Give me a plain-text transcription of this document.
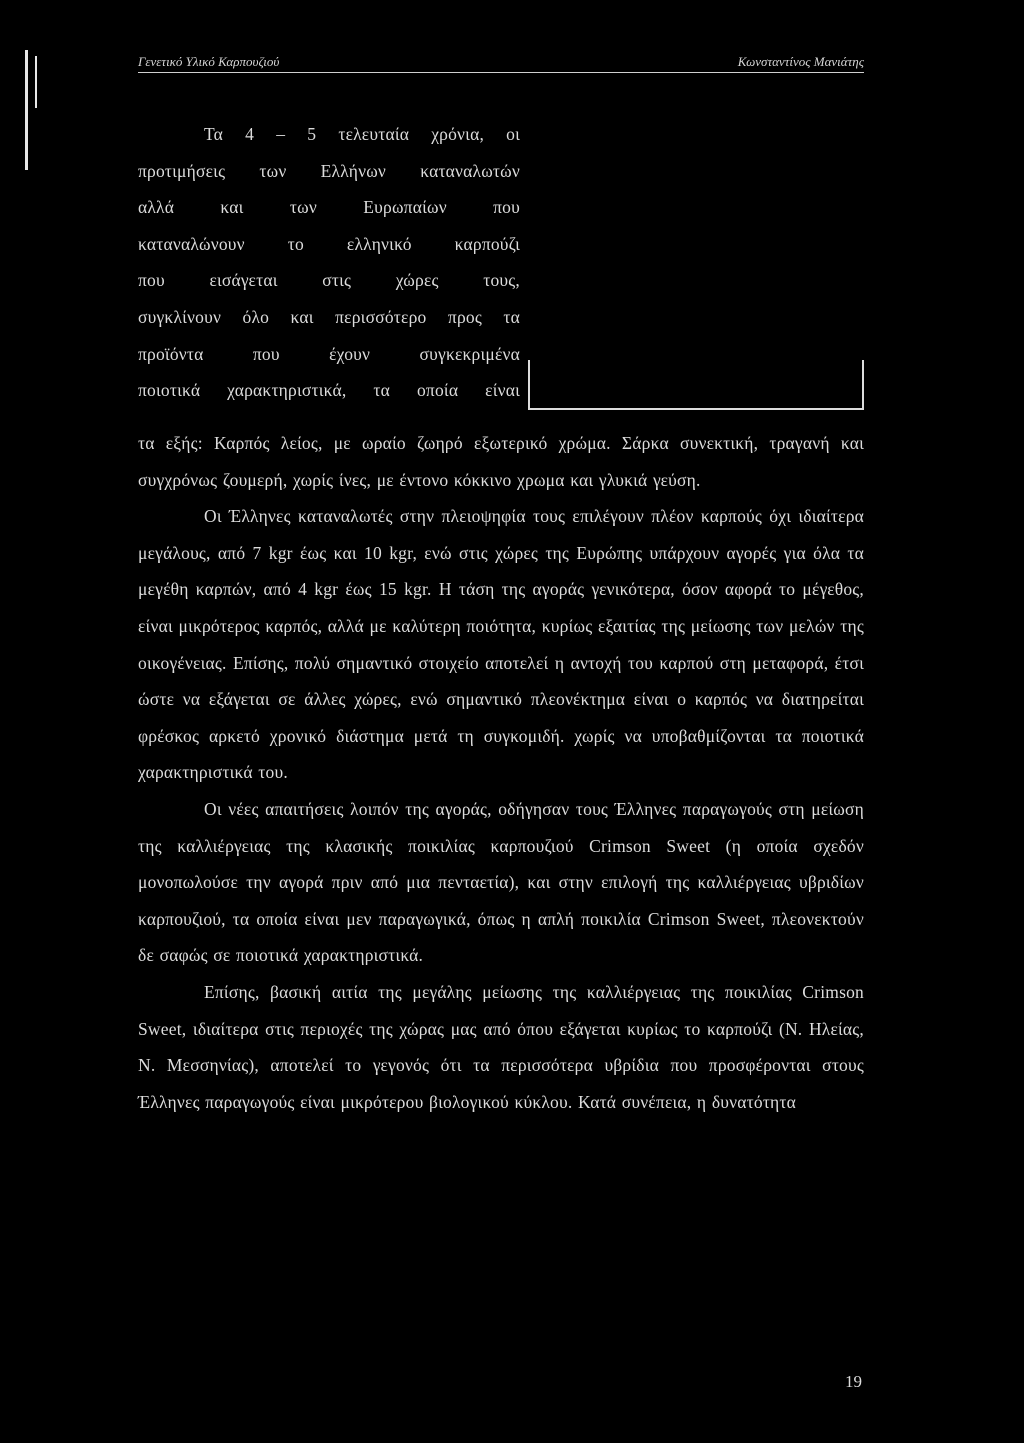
Γενετικό Υλικό Καρπουζιού	Κωνσταντίνος Μανιάτης

Τα 4 – 5 τελευταία χρόνια, οι

προτιμήσεις των Ελλήνων καταναλωτών

αλλά και των Ευρωπαίων που

καταναλώνουν το ελληνικό καρπούζι

που εισάγεται στις χώρες τους,

συγκλίνουν όλο και περισσότερο προς τα

προϊόντα που έχουν συγκεκριμένα

ποιοτικά χαρακτηριστικά, τα οποία είναι

τα εξής: Καρπός λείος, με ωραίο ζωηρό εξωτερικό χρώμα. Σάρκα συνεκτική, τραγανή και συγχρόνως ζουμερή, χωρίς ίνες, με έντονο κόκκινο χρωμα και γλυκιά γεύση.

Οι Έλληνες καταναλωτές στην πλειοψηφία τους επιλέγουν πλέον καρπούς όχι ιδιαίτερα μεγάλους, από 7 kgr έως και 10 kgr, ενώ στις χώρες της Ευρώπης υπάρχουν αγορές για όλα τα μεγέθη καρπών, από 4 kgr έως 15 kgr. Η τάση της αγοράς γενικότερα, όσον αφορά το μέγεθος, είναι μικρότερος καρπός, αλλά με καλύτερη ποιότητα, κυρίως εξαιτίας της μείωσης των μελών της οικογένειας. Επίσης, πολύ σημαντικό στοιχείο αποτελεί η αντοχή του καρπού στη μεταφορά, έτσι ώστε να εξάγεται σε άλλες χώρες, ενώ σημαντικό πλεονέκτημα είναι ο καρπός να διατηρείται φρέσκος αρκετό χρονικό διάστημα μετά τη συγκομιδή. χωρίς να υποβαθμίζονται τα ποιοτικά χαρακτηριστικά του.

Οι νέες απαιτήσεις λοιπόν της αγοράς, οδήγησαν τους Έλληνες παραγωγούς στη μείωση της καλλιέργειας της κλασικής ποικιλίας καρπουζιού Crimson Sweet (η οποία σχεδόν μονοπωλούσε την αγορά πριν από μια πενταετία), και στην επιλογή της καλλιέργειας υβριδίων καρπουζιού, τα οποία είναι μεν παραγωγικά, όπως η απλή ποικιλία Crimson Sweet, πλεονεκτούν δε σαφώς σε ποιοτικά χαρακτηριστικά.

Επίσης, βασική αιτία της μεγάλης μείωσης της καλλιέργειας της ποικιλίας Crimson Sweet, ιδιαίτερα στις περιοχές της χώρας μας από όπου εξάγεται κυρίως το καρπούζι (Ν. Ηλείας, Ν. Μεσσηνίας), αποτελεί το γεγονός ότι τα περισσότερα υβρίδια που προσφέρονται στους Έλληνες παραγωγούς είναι μικρότερου βιολογικού κύκλου. Κατά συνέπεια, η δυνατότητα

19
